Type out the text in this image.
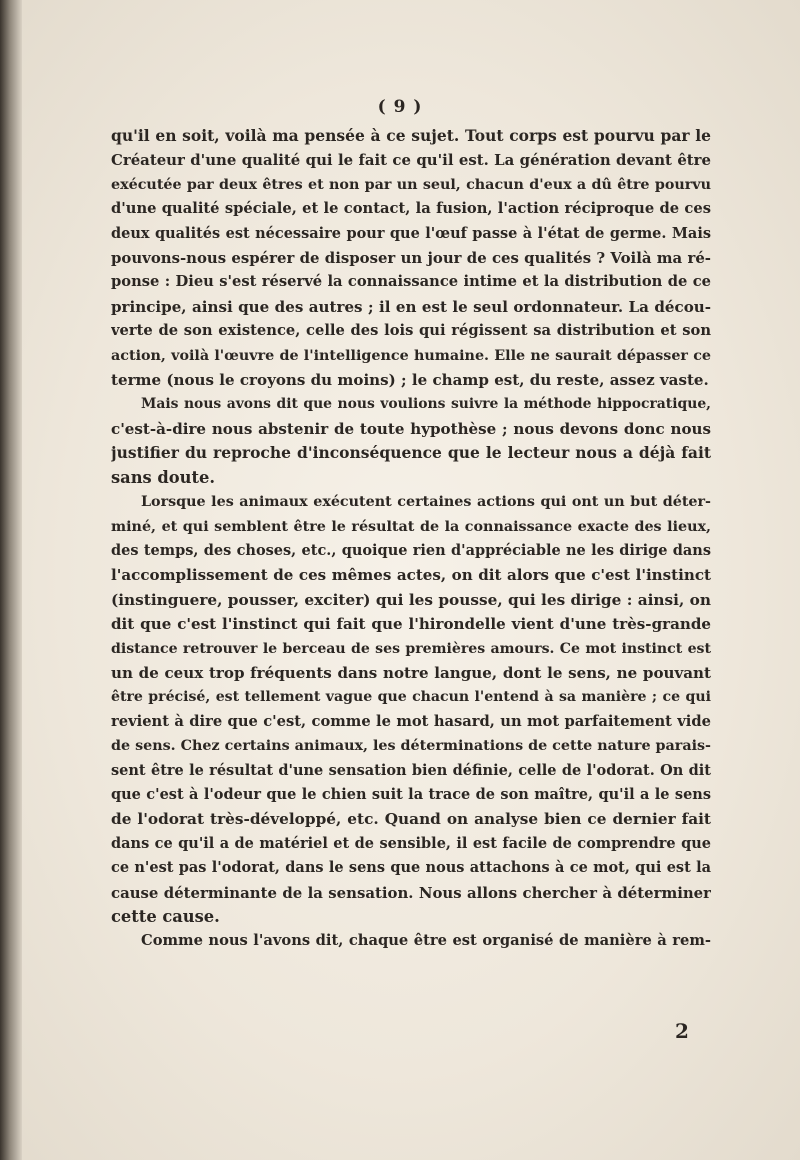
( 9 )
qu'il en soit, voilà ma pensée à ce sujet. Tout corps est pourvu par le
Créateur d'une qualité qui le fait ce qu'il est. La génération devant être
exécutée par deux êtres et non par un seul, chacun d'eux a dû être pourvu
d'une qualité spéciale, et le contact, la fusion, l'action réciproque de ces
deux qualités est nécessaire pour que l'œuf passe à l'état de germe. Mais
pouvons-nous espérer de disposer un jour de ces qualités ? Voilà ma ré-
ponse : Dieu s'est réservé la connaissance intime et la distribution de ce
principe, ainsi que des autres ; il en est le seul ordonnateur. La décou-
verte de son existence, celle des lois qui régissent sa distribution et son
action, voilà l'œuvre de l'intelligence humaine. Elle ne saurait dépasser ce
terme (nous le croyons du moins) ; le champ est, du reste, assez vaste.
Mais nous avons dit que nous voulions suivre la méthode hippocratique,
c'est-à-dire nous abstenir de toute hypothèse ; nous devons donc nous
justifier du reproche d'inconséquence que le lecteur nous a déjà fait
sans doute.
Lorsque les animaux exécutent certaines actions qui ont un but déter-
miné, et qui semblent être le résultat de la connaissance exacte des lieux,
des temps, des choses, etc., quoique rien d'appréciable ne les dirige dans
l'accomplissement de ces mêmes actes, on dit alors que c'est l'instinct
(instinguere, pousser, exciter) qui les pousse, qui les dirige : ainsi, on
dit que c'est l'instinct qui fait que l'hirondelle vient d'une très-grande
distance retrouver le berceau de ses premières amours. Ce mot instinct est
un de ceux trop fréquents dans notre langue, dont le sens, ne pouvant
être précisé, est tellement vague que chacun l'entend à sa manière ; ce qui
revient à dire que c'est, comme le mot hasard, un mot parfaitement vide
de sens. Chez certains animaux, les déterminations de cette nature parais-
sent être le résultat d'une sensation bien définie, celle de l'odorat. On dit
que c'est à l'odeur que le chien suit la trace de son maître, qu'il a le sens
de l'odorat très-développé, etc. Quand on analyse bien ce dernier fait
dans ce qu'il a de matériel et de sensible, il est facile de comprendre que
ce n'est pas l'odorat, dans le sens que nous attachons à ce mot, qui est la
cause déterminante de la sensation. Nous allons chercher à déterminer
cette cause.
Comme nous l'avons dit, chaque être est organisé de manière à rem-
2
